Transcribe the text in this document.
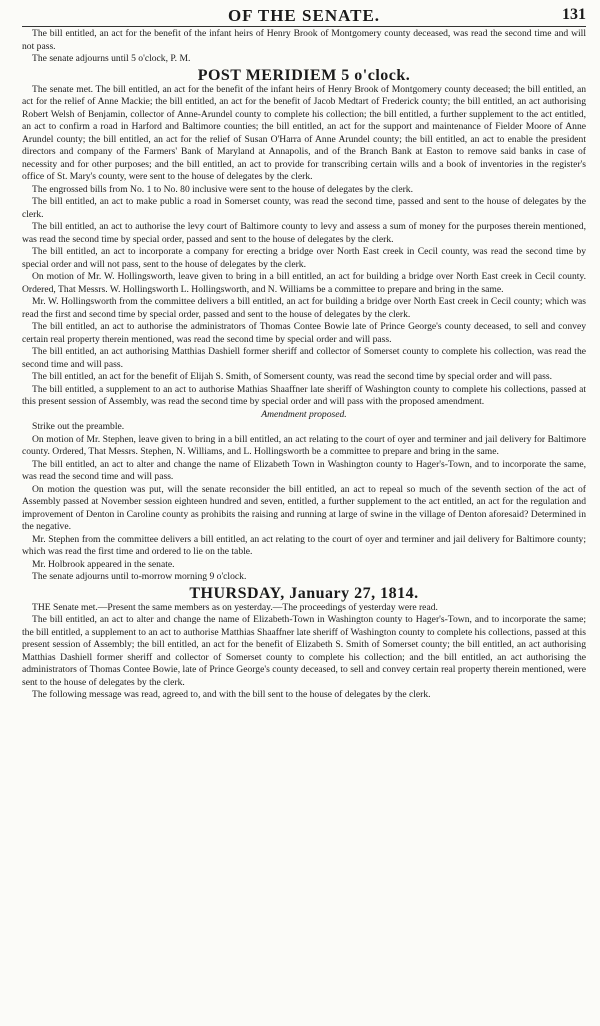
OF THE SENATE.	131

The bill entitled, an act for the benefit of the infant heirs of Henry Brook of Montgomery county deceased, was read the second time and will not pass.

The senate adjourns until 5 o'clock, P. M.

POST MERIDIEM 5 o'clock.

The senate met. The bill entitled, an act for the benefit of the infant heirs of Henry Brook of Montgomery county deceased; the bill entitled, an act for the relief of Anne Mackie; the bill entitled, an act for the benefit of Jacob Medtart of Frederick county; the bill entitled, an act authorising Robert Welsh of Benjamin, collector of Anne-Arundel county to complete his collection; the bill entitled, a further supplement to the act entitled, an act to confirm a road in Harford and Baltimore counties; the bill entitled, an act for the support and maintenance of Fielder Moore of Anne Arundel county; the bill entitled, an act for the relief of Susan O'Harra of Anne Arundel county; the bill entitled, an act to enable the president directors and company of the Farmers' Bank of Maryland at Annapolis, and of the Branch Bank at Easton to remove said banks in case of necessity and for other purposes; and the bill entitled, an act to provide for transcribing certain wills and a book of inventories in the register's office of St. Mary's county, were sent to the house of delegates by the clerk.

The engrossed bills from No. 1 to No. 80 inclusive were sent to the house of delegates by the clerk.

The bill entitled, an act to make public a road in Somerset county, was read the second time, passed and sent to the house of delegates by the clerk.

The bill entitled, an act to authorise the levy court of Baltimore county to levy and assess a sum of money for the purposes therein mentioned, was read the second time by special order, passed and sent to the house of delegates by the clerk.

The bill entitled, an act to incorporate a company for erecting a bridge over North East creek in Cecil county, was read the second time by special order and will not pass, sent to the house of delegates by the clerk.

On motion of Mr. W. Hollingsworth, leave given to bring in a bill entitled, an act for building a bridge over North East creek in Cecil county. Ordered, That Messrs. W. Hollingsworth L. Hollingsworth, and N. Williams be a committee to prepare and bring in the same.

Mr. W. Hollingsworth from the committee delivers a bill entitled, an act for building a bridge over North East creek in Cecil county; which was read the first and second time by special order, passed and sent to the house of delegates by the clerk.

The bill entitled, an act to authorise the administrators of Thomas Contee Bowie late of Prince George's county deceased, to sell and convey certain real property therein mentioned, was read the second time by special order and will pass.

The bill entitled, an act authorising Matthias Dashiell former sheriff and collector of Somerset county to complete his collection, was read the second time and will pass.

The bill entitled, an act for the benefit of Elijah S. Smith, of Somersent county, was read the second time by special order and will pass.

The bill entitled, a supplement to an act to authorise Mathias Shaaffner late sheriff of Washington county to complete his collections, passed at this present session of Assembly, was read the second time by special order and will pass with the proposed amendment.

Amendment proposed.

Strike out the preamble.

On motion of Mr. Stephen, leave given to bring in a bill entitled, an act relating to the court of oyer and terminer and jail delivery for Baltimore county. Ordered, That Messrs. Stephen, N. Williams, and L. Hollingsworth be a committee to prepare and bring in the same.

The bill entitled, an act to alter and change the name of Elizabeth Town in Washington county to Hager's-Town, and to incorporate the same, was read the second time and will pass.

On motion the question was put, will the senate reconsider the bill entitled, an act to repeal so much of the seventh section of the act of Assembly passed at November session eighteen hundred and seven, entitled, a further supplement to the act entitled, an act for the regulation and improvement of Denton in Caroline county as prohibits the raising and running at large of swine in the village of Denton aforesaid? Determined in the negative.

Mr. Stephen from the committee delivers a bill entitled, an act relating to the court of oyer and terminer and jail delivery for Baltimore county; which was read the first time and ordered to lie on the table.

Mr. Holbrook appeared in the senate.

The senate adjourns until to-morrow morning 9 o'clock.

THURSDAY, January 27, 1814.

THE Senate met.—Present the same members as on yesterday.—The proceedings of yesterday were read.

The bill entitled, an act to alter and change the name of Elizabeth-Town in Washington county to Hager's-Town, and to incorporate the same; the bill entitled, a supplement to an act to authorise Matthias Shaaffner late sheriff of Washington county to complete his collections, passed at this present session of Assembly; the bill entitled, an act for the benefit of Elizabeth S. Smith of Somerset county; the bill entitled, an act authorising Matthias Dashiell former sheriff and collector of Somerset county to complete his collection; and the bill entitled, an act authorising the administrators of Thomas Contee Bowie, late of Prince George's county deceased, to sell and convey certain real property therein mentioned, were sent to the house of delegates by the clerk.

The following message was read, agreed to, and with the bill sent to the house of delegates by the clerk.
